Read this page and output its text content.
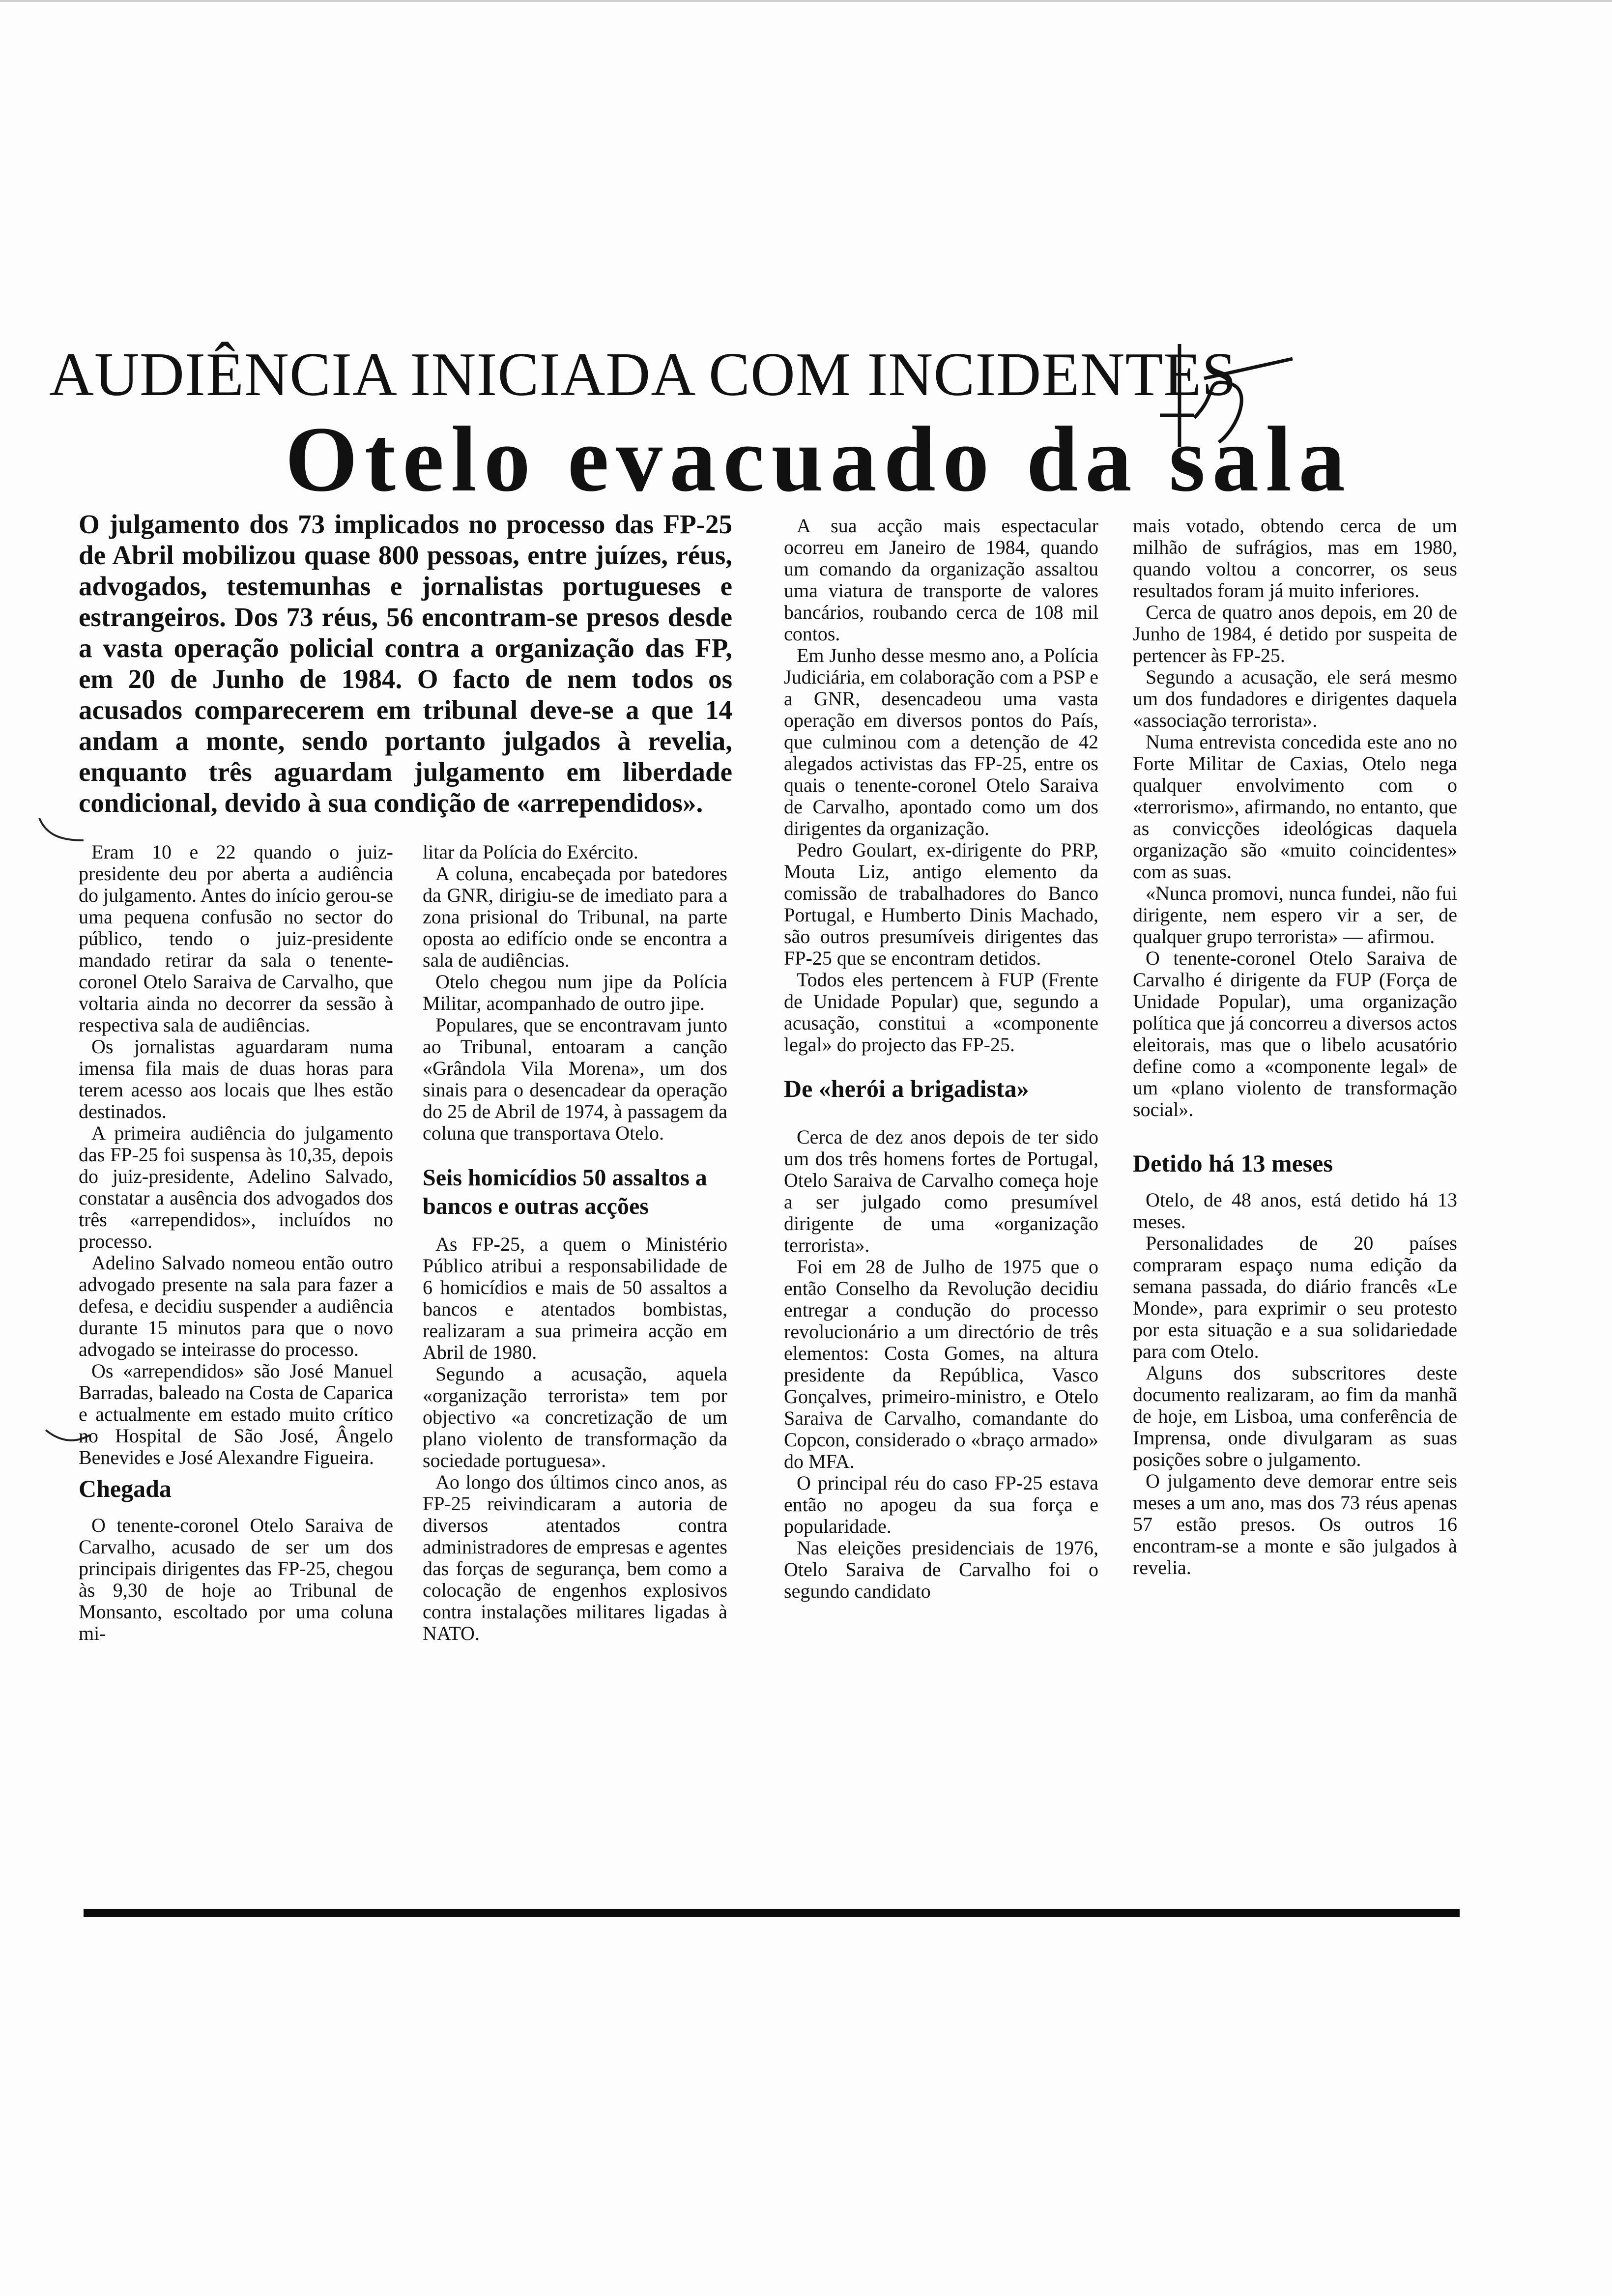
AUDIÊNCIA INICIADA COM INCIDENTES
Otelo evacuado da sala

O julgamento dos 73 implicados no processo das FP-25 de Abril mobilizou quase 800 pessoas, entre juízes, réus, advogados, testemunhas e jornalistas portugueses e estrangeiros. Dos 73 réus, 56 encontram-se presos desde a vasta operação policial contra a organização das FP, em 20 de Junho de 1984. O facto de nem todos os acusados comparecerem em tribunal deve-se a que 14 andam a monte, sendo portanto julgados à revelia, enquanto três aguardam julgamento em liberdade condicional, devido à sua condição de «arrependidos».

Eram 10 e 22 quando o juiz-presidente deu por aberta a audiência do julgamento. Antes do início gerou-se uma pequena confusão no sector do público, tendo o juiz-presidente mandado retirar da sala o tenente-coronel Otelo Saraiva de Carvalho, que voltaria ainda no decorrer da sessão à respectiva sala de audiências.

Os jornalistas aguardaram numa imensa fila mais de duas horas para terem acesso aos locais que lhes estão destinados.

A primeira audiência do julgamento das FP-25 foi suspensa às 10,35, depois do juiz-presidente, Adelino Salvado, constatar a ausência dos advogados dos três «arrependidos», incluídos no processo.

Adelino Salvado nomeou então outro advogado presente na sala para fazer a defesa, e decidiu suspender a audiência durante 15 minutos para que o novo advogado se inteirasse do processo.

Os «arrependidos» são José Manuel Barradas, baleado na Costa de Caparica e actualmente em estado muito crítico no Hospital de São José, Ângelo Benevides e José Alexandre Figueira.

Chegada

O tenente-coronel Otelo Saraiva de Carvalho, acusado de ser um dos principais dirigentes das FP-25, chegou às 9,30 de hoje ao Tribunal de Monsanto, escoltado por uma coluna mi-

litar da Polícia do Exército.

A coluna, encabeçada por batedores da GNR, dirigiu-se de imediato para a zona prisional do Tribunal, na parte oposta ao edifício onde se encontra a sala de audiências.

Otelo chegou num jipe da Polícia Militar, acompanhado de outro jipe.

Populares, que se encontravam junto ao Tribunal, entoaram a canção «Grândola Vila Morena», um dos sinais para o desencadear da operação do 25 de Abril de 1974, à passagem da coluna que transportava Otelo.

Seis homicídios 50 assaltos a bancos e outras acções

As FP-25, a quem o Ministério Público atribui a responsabilidade de 6 homicídios e mais de 50 assaltos a bancos e atentados bombistas, realizaram a sua primeira acção em Abril de 1980.

Segundo a acusação, aquela «organização terrorista» tem por objectivo «a concretização de um plano violento de transformação da sociedade portuguesa».

Ao longo dos últimos cinco anos, as FP-25 reivindicaram a autoria de diversos atentados contra administradores de empresas e agentes das forças de segurança, bem como a colocação de engenhos explosivos contra instalações militares ligadas à NATO.

A sua acção mais espectacular ocorreu em Janeiro de 1984, quando um comando da organização assaltou uma viatura de transporte de valores bancários, roubando cerca de 108 mil contos.

Em Junho desse mesmo ano, a Polícia Judiciária, em colaboração com a PSP e a GNR, desencadeou uma vasta operação em diversos pontos do País, que culminou com a detenção de 42 alegados activistas das FP-25, entre os quais o tenente-coronel Otelo Saraiva de Carvalho, apontado como um dos dirigentes da organização.

Pedro Goulart, ex-dirigente do PRP, Mouta Liz, antigo elemento da comissão de trabalhadores do Banco Portugal, e Humberto Dinis Machado, são outros presumíveis dirigentes das FP-25 que se encontram detidos.

Todos eles pertencem à FUP (Frente de Unidade Popular) que, segundo a acusação, constitui a «componente legal» do projecto das FP-25.

De «herói a brigadista»

Cerca de dez anos depois de ter sido um dos três homens fortes de Portugal, Otelo Saraiva de Carvalho começa hoje a ser julgado como presumível dirigente de uma «organização terrorista».

Foi em 28 de Julho de 1975 que o então Conselho da Revolução decidiu entregar a condução do processo revolucionário a um directório de três elementos: Costa Gomes, na altura presidente da República, Vasco Gonçalves, primeiro-ministro, e Otelo Saraiva de Carvalho, comandante do Copcon, considerado o «braço armado» do MFA.

O principal réu do caso FP-25 estava então no apogeu da sua força e popularidade.

Nas eleições presidenciais de 1976, Otelo Saraiva de Carvalho foi o segundo candidato

mais votado, obtendo cerca de um milhão de sufrágios, mas em 1980, quando voltou a concorrer, os seus resultados foram já muito inferiores.

Cerca de quatro anos depois, em 20 de Junho de 1984, é detido por suspeita de pertencer às FP-25.

Segundo a acusação, ele será mesmo um dos fundadores e dirigentes daquela «associação terrorista».

Numa entrevista concedida este ano no Forte Militar de Caxias, Otelo nega qualquer envolvimento com o «terrorismo», afirmando, no entanto, que as convicções ideológicas daquela organização são «muito coincidentes» com as suas.

«Nunca promovi, nunca fundei, não fui dirigente, nem espero vir a ser, de qualquer grupo terrorista» — afirmou.

O tenente-coronel Otelo Saraiva de Carvalho é dirigente da FUP (Força de Unidade Popular), uma organização política que já concorreu a diversos actos eleitorais, mas que o libelo acusatório define como a «componente legal» de um «plano violento de transformação social».

Detido há 13 meses

Otelo, de 48 anos, está detido há 13 meses.

Personalidades de 20 países compraram espaço numa edição da semana passada, do diário francês «Le Monde», para exprimir o seu protesto por esta situação e a sua solidariedade para com Otelo.

Alguns dos subscritores deste documento realizaram, ao fim da manhã de hoje, em Lisboa, uma conferência de Imprensa, onde divulgaram as suas posições sobre o julgamento.

O julgamento deve demorar entre seis meses a um ano, mas dos 73 réus apenas 57 estão presos. Os outros 16 encontram-se a monte e são julgados à revelia.
